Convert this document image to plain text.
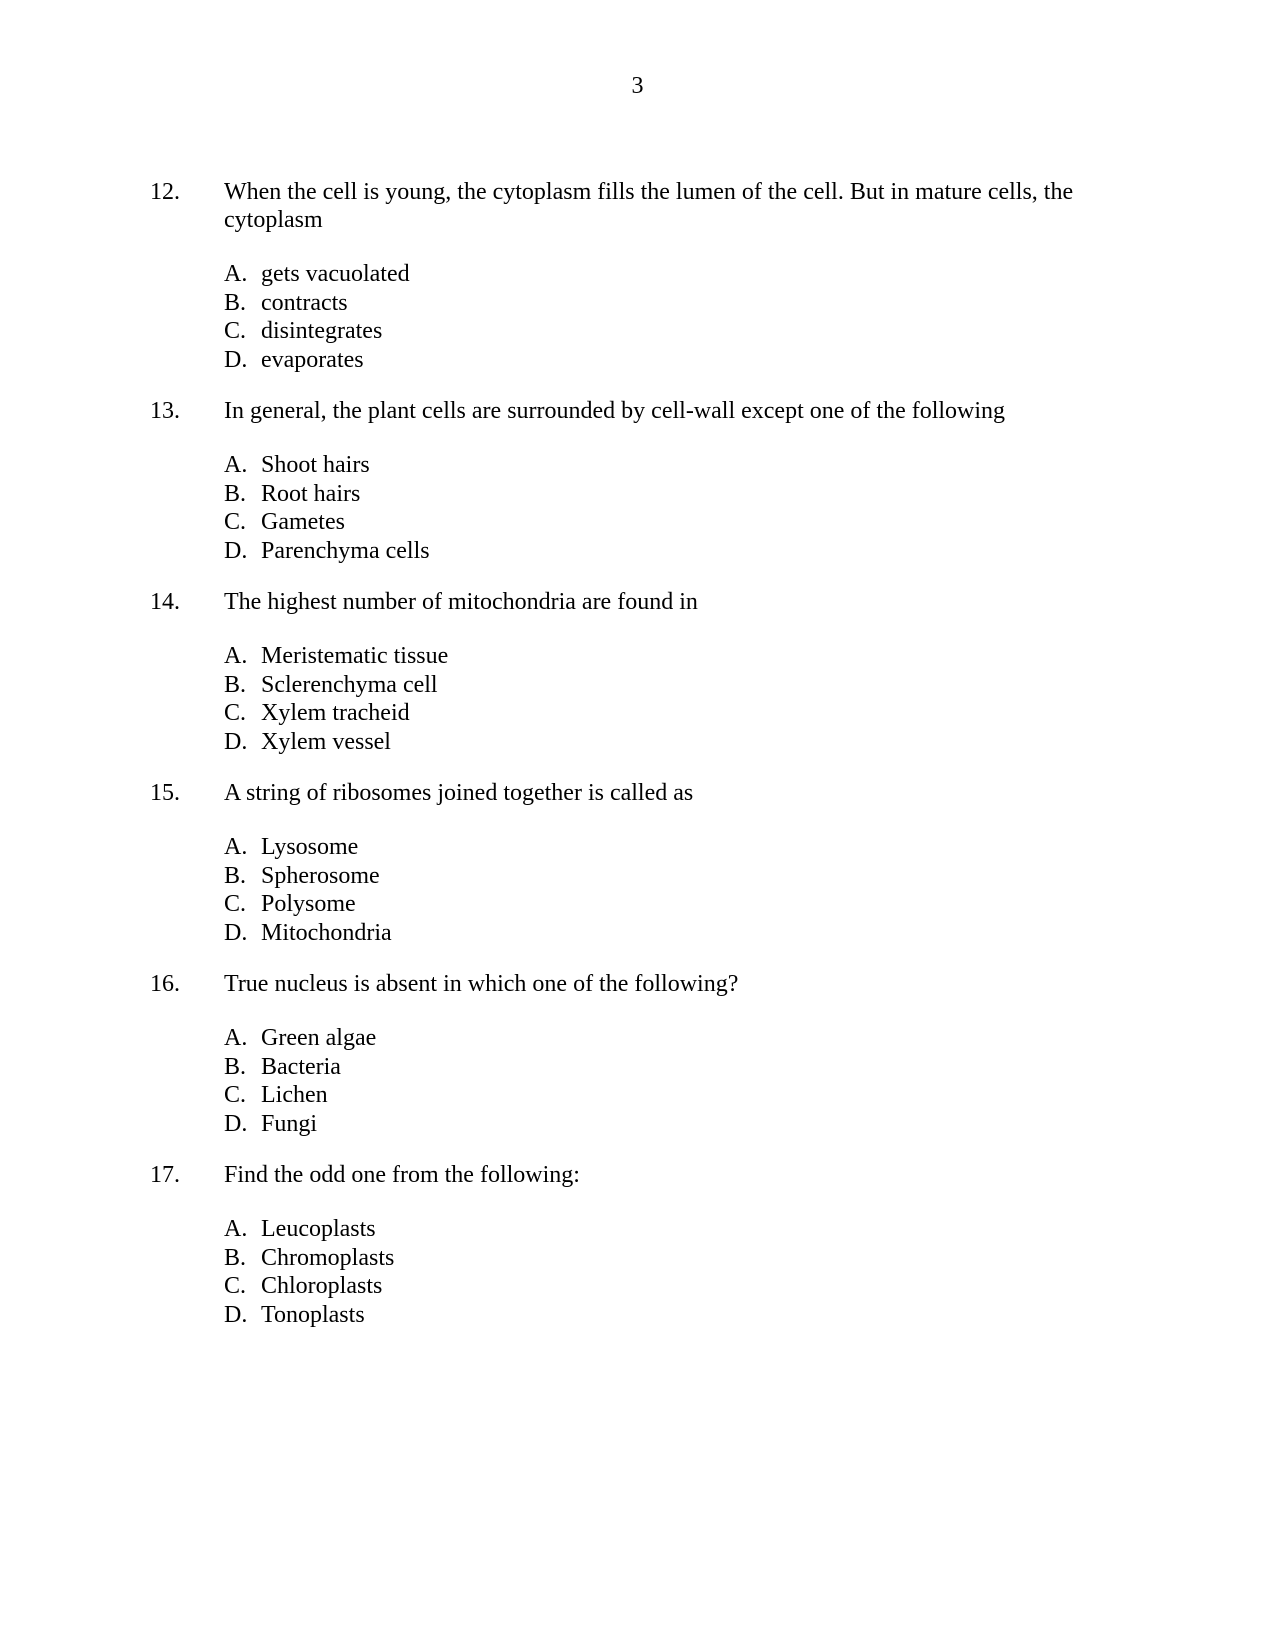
3
12. When the cell is young, the cytoplasm fills the lumen of the cell. But in mature cells, the cytoplasm
A. gets vacuolated
B. contracts
C. disintegrates
D. evaporates
13. In general, the plant cells are surrounded by cell-wall except one of the following
A. Shoot hairs
B. Root hairs
C. Gametes
D. Parenchyma cells
14. The highest number of mitochondria are found in
A. Meristematic tissue
B. Sclerenchyma cell
C. Xylem tracheid
D. Xylem vessel
15. A string of ribosomes joined together is called as
A. Lysosome
B. Spherosome
C. Polysome
D. Mitochondria
16. True nucleus is absent in which one of the following?
A. Green algae
B. Bacteria
C. Lichen
D. Fungi
17. Find the odd one from the following:
A. Leucoplasts
B. Chromoplasts
C. Chloroplasts
D. Tonoplasts
